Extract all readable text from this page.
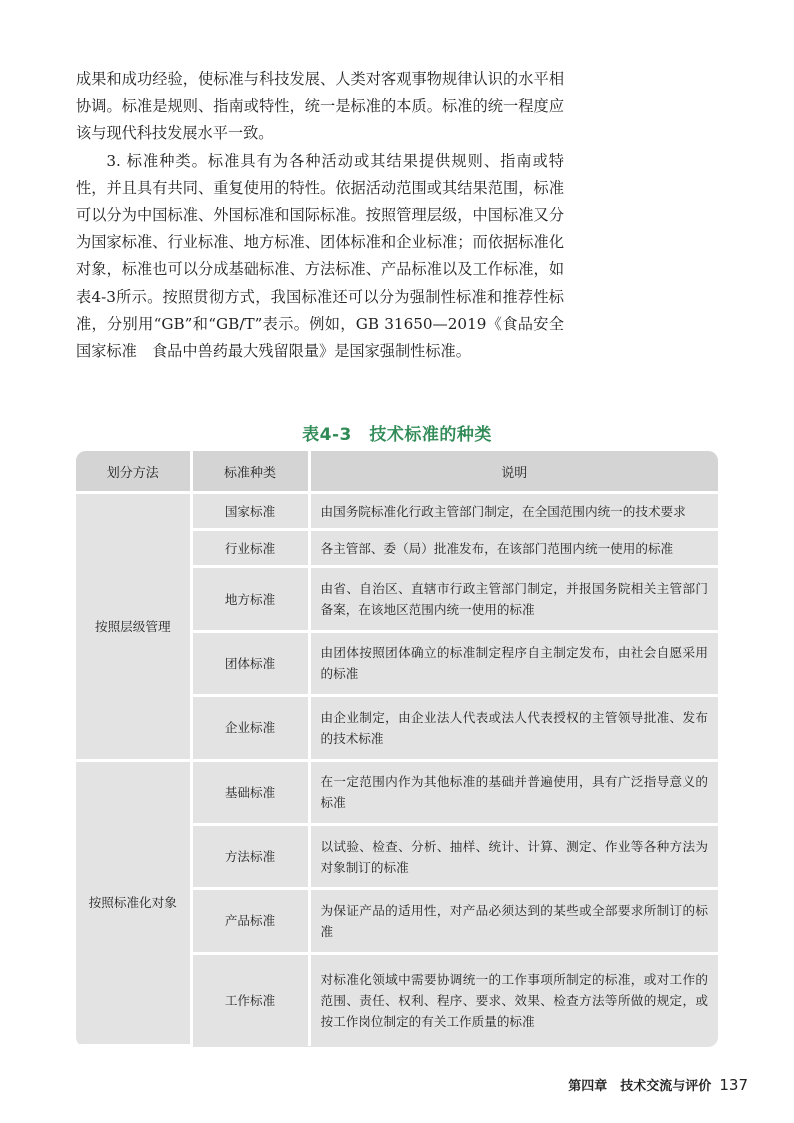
成果和成功经验，使标准与科技发展、人类对客观事物规律认识的水平相协调。标准是规则、指南或特性，统一是标准的本质。标准的统一程度应该与现代科技发展水平一致。

3. 标准种类。标准具有为各种活动或其结果提供规则、指南或特性，并且具有共同、重复使用的特性。依据活动范围或其结果范围，标准可以分为中国标准、外国标准和国际标准。按照管理层级，中国标准又分为国家标准、行业标准、地方标准、团体标准和企业标准；而依据标准化对象，标准也可以分成基础标准、方法标准、产品标准以及工作标准，如表4-3所示。按照贯彻方式，我国标准还可以分为强制性标准和推荐性标准，分别用“GB”和“GB/T”表示。例如，GB 31650—2019《食品安全国家标准　食品中兽药最大残留限量》是国家强制性标准。

表4-3　技术标准的种类
划分方法	标准种类	说明
按照层级管理	国家标准	由国务院标准化行政主管部门制定，在全国范围内统一的技术要求
	行业标准	各主管部、委（局）批准发布，在该部门范围内统一使用的标准
	地方标准	由省、自治区、直辖市行政主管部门制定，并报国务院相关主管部门备案，在该地区范围内统一使用的标准
	团体标准	由团体按照团体确立的标准制定程序自主制定发布，由社会自愿采用的标准
	企业标准	由企业制定，由企业法人代表或法人代表授权的主管领导批准、发布的技术标准
按照标准化对象	基础标准	在一定范围内作为其他标准的基础并普遍使用，具有广泛指导意义的标准
	方法标准	以试验、检查、分析、抽样、统计、计算、测定、作业等各种方法为对象制订的标准
	产品标准	为保证产品的适用性，对产品必须达到的某些或全部要求所制订的标准
	工作标准	对标准化领域中需要协调统一的工作事项所制定的标准，或对工作的范围、责任、权利、程序、要求、效果、检查方法等所做的规定，或按工作岗位制定的有关工作质量的标准
第四章　技术交流与评价 137
